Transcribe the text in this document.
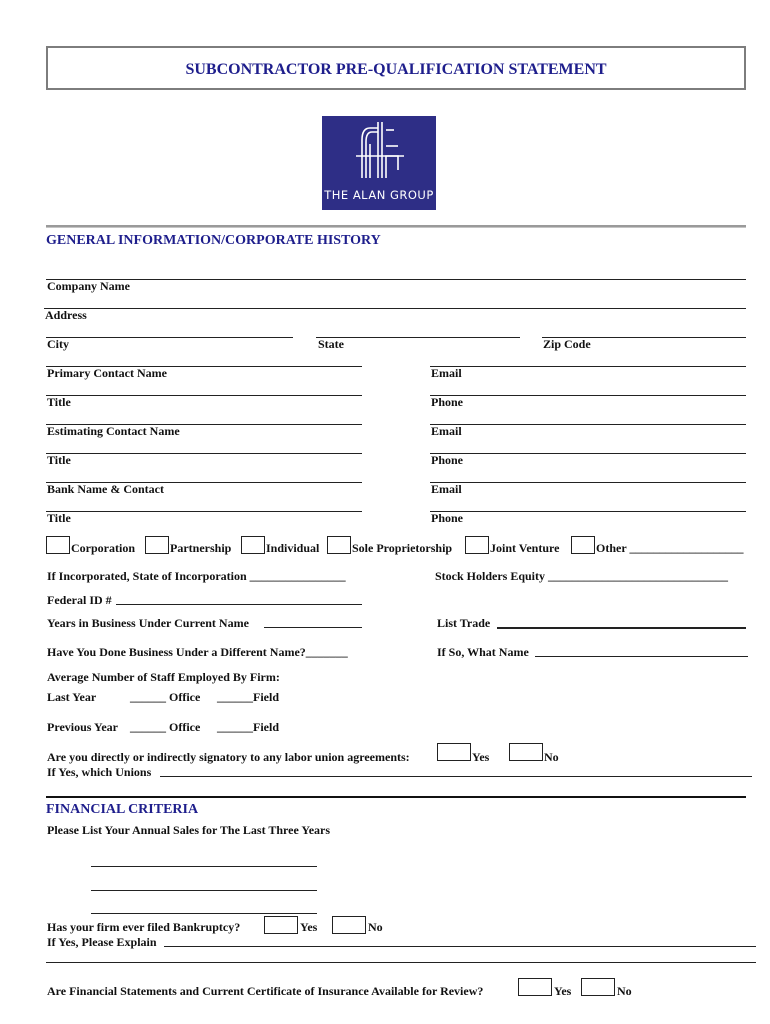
SUBCONTRACTOR PRE-QUALIFICATION STATEMENT
THE ALAN GROUP
GENERAL INFORMATION/CORPORATE HISTORY
Company Name
Address
City	State	Zip Code
Primary Contact Name	Email
Title	Phone
Estimating Contact Name	Email
Title	Phone
Bank Name & Contact	Email
Title	Phone
Corporation	Partnership	Individual	Sole Proprietorship	Joint Venture	Other ___________________
If Incorporated, State of Incorporation ________________	Stock Holders Equity ______________________________
Federal ID #
Years in Business Under Current Name	List Trade
Have You Done Business Under a Different Name?_______	If So, What Name
Average Number of Staff Employed By Firm:
Last Year	______ Office ______Field
Previous Year ______ Office ______Field
Are you directly or indirectly signatory to any labor union agreements:	Yes	No
If Yes, which Unions
FINANCIAL CRITERIA
Please List Your Annual Sales for The Last Three Years
Has your firm ever filed Bankruptcy?	Yes	No
If Yes, Please Explain
Are Financial Statements and Current Certificate of Insurance Available for Review?	Yes	No
